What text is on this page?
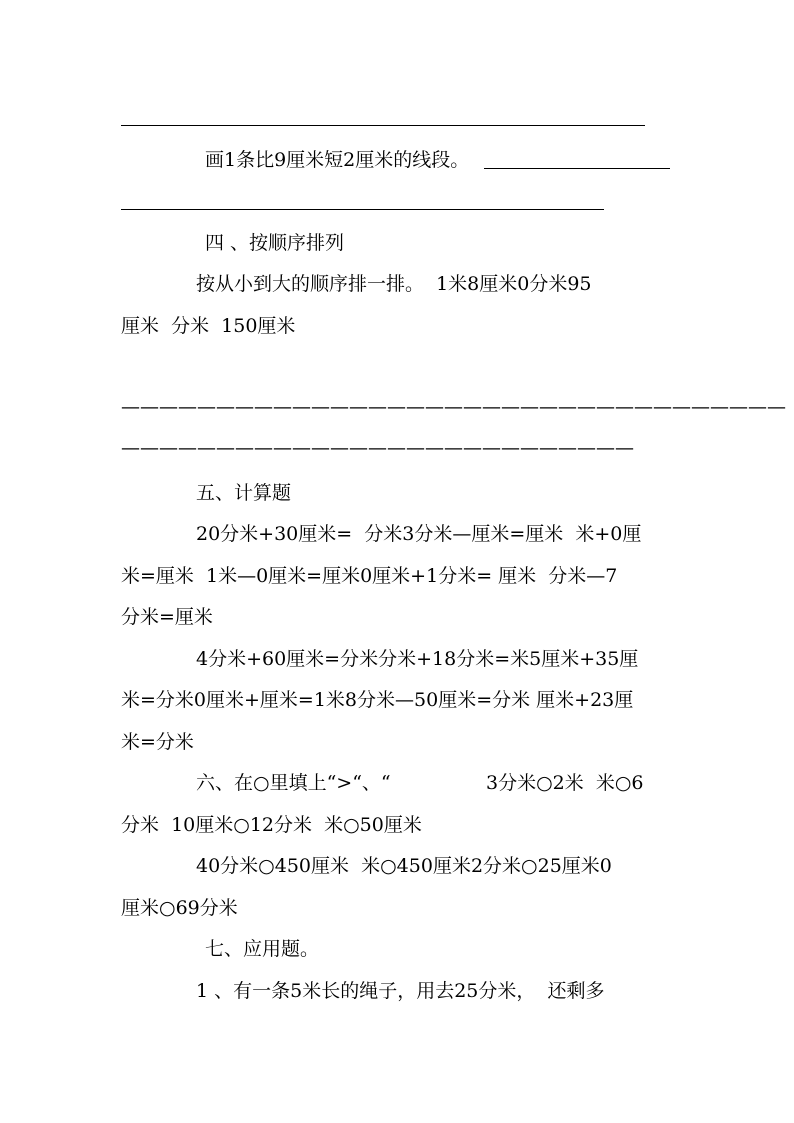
画1条比9厘米短2厘米的线段。
四 、按顺序排列
按从小到大的顺序排一排。  1米8厘米0分米95
厘米  分米  150厘米
———————————————————————————————————
———————————————————————————
五、计算题
20分米+30厘米=  分米3分米—厘米=厘米  米+0厘
米=厘米  1米—0厘米=厘米0厘米+1分米= 厘米  分米—7
分米=厘米
4分米+60厘米=分米分米+18分米=米5厘米+35厘
米=分米0厘米+厘米=1米8分米—50厘米=分米 厘米+23厘
米=分米
六、在○里填上“>“、“	3分米○2米  米○6
分米  10厘米○12分米  米○50厘米
40分米○450厘米  米○450厘米2分米○25厘米0
厘米○69分米
七、应用题。
1 、有一条5米长的绳子，用去25分米，  还剩多
